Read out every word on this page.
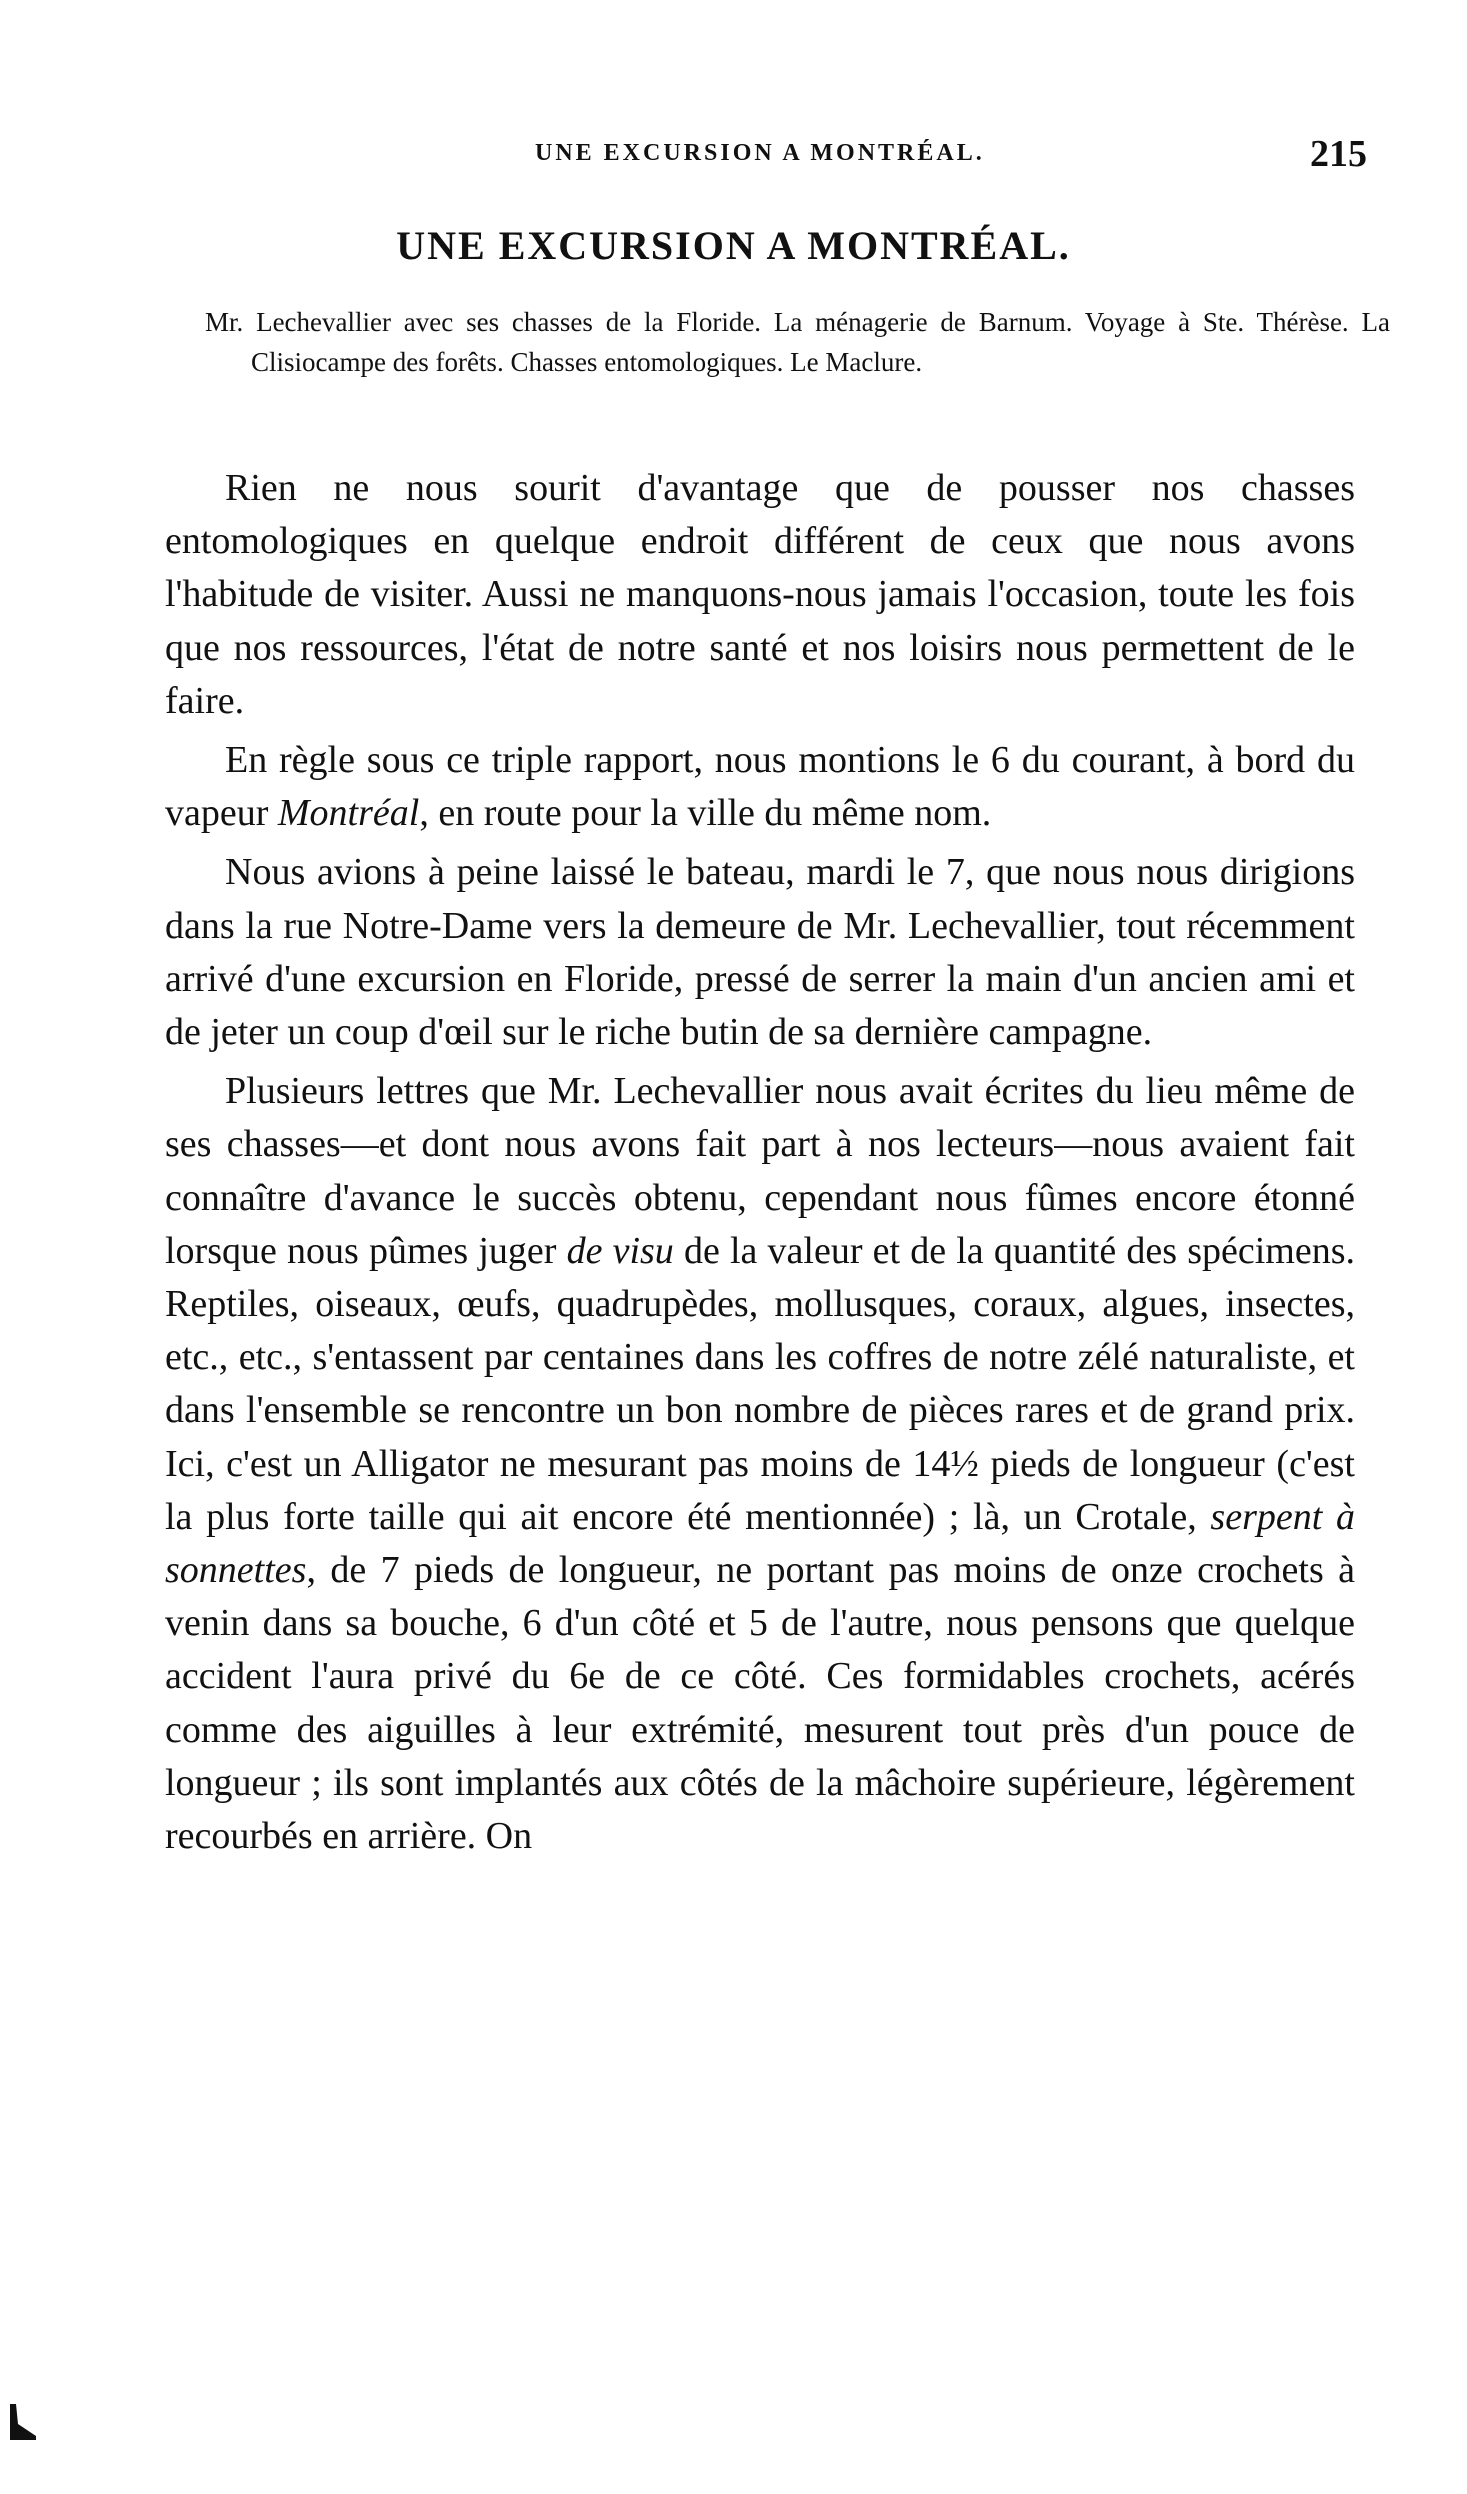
UNE EXCURSION A MONTRÉAL.	215
UNE EXCURSION A MONTRÉAL.
Mr. Lechevallier avec ses chasses de la Floride. La ménagerie de Barnum. Voyage à Ste. Thérèse. La Clisiocampe des forêts. Chasses entomologiques. Le Maclure.

Rien ne nous sourit d'avantage que de pousser nos chasses entomologiques en quelque endroit différent de ceux que nous avons l'habitude de visiter. Aussi ne manquons-nous jamais l'occasion, toute les fois que nos ressources, l'état de notre santé et nos loisirs nous permettent de le faire.

En règle sous ce triple rapport, nous montions le 6 du courant, à bord du vapeur Montréal, en route pour la ville du même nom.

Nous avions à peine laissé le bateau, mardi le 7, que nous nous dirigions dans la rue Notre-Dame vers la demeure de Mr. Lechevallier, tout récemment arrivé d'une excursion en Floride, pressé de serrer la main d'un ancien ami et de jeter un coup d'œil sur le riche butin de sa dernière campagne.

Plusieurs lettres que Mr. Lechevallier nous avait écrites du lieu même de ses chasses—et dont nous avons fait part à nos lecteurs—nous avaient fait connaître d'avance le succès obtenu, cependant nous fûmes encore étonné lorsque nous pûmes juger de visu de la valeur et de la quantité des spécimens. Reptiles, oiseaux, œufs, quadrupèdes, mollusques, coraux, algues, insectes, etc., etc., s'entassent par centaines dans les coffres de notre zélé naturaliste, et dans l'ensemble se rencontre un bon nombre de pièces rares et de grand prix. Ici, c'est un Alligator ne mesurant pas moins de 14½ pieds de longueur (c'est la plus forte taille qui ait encore été mentionnée) ; là, un Crotale, serpent à sonnettes, de 7 pieds de longueur, ne portant pas moins de onze crochets à venin dans sa bouche, 6 d'un côté et 5 de l'autre, nous pensons que quelque accident l'aura privé du 6e de ce côté. Ces formidables crochets, acérés comme des aiguilles à leur extrémité, mesurent tout près d'un pouce de longueur ; ils sont implantés aux côtés de la mâchoire supérieure, légèrement recourbés en arrière. On
